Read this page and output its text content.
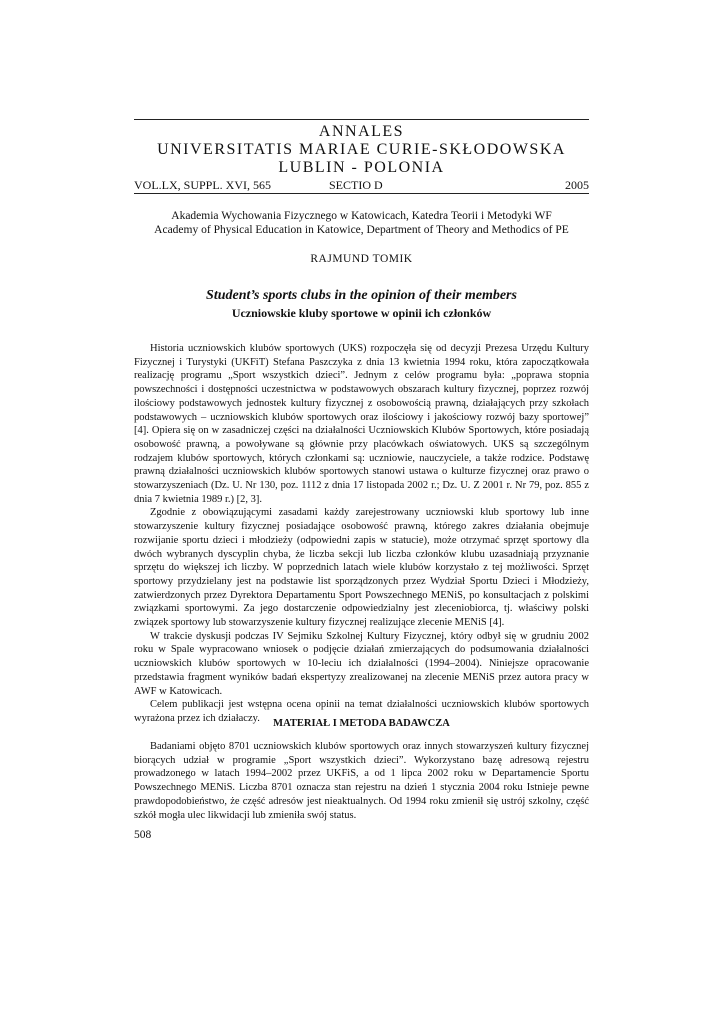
ANNALES
UNIVERSITATIS MARIAE CURIE-SKŁODOWSKA
LUBLIN - POLONIA
VOL.LX, SUPPL. XVI, 565	SECTIO D	2005
Akademia Wychowania Fizycznego w Katowicach, Katedra Teorii i Metodyki WF
Academy of Physical Education in Katowice, Department of Theory and Methodics of PE
RAJMUND TOMIK
Student’s sports clubs in the opinion of their members
Uczniowskie kluby sportowe w opinii ich członków

Historia uczniowskich klubów sportowych (UKS) rozpoczęła się od decyzji Prezesa Urzędu Kultury Fizycznej i Turystyki (UKFiT) Stefana Paszczyka z dnia 13 kwietnia 1994 roku, która zapoczątkowała realizację programu „Sport wszystkich dzieci”. Jednym z celów programu była: „poprawa stopnia powszechności i dostępności uczestnictwa w podstawowych obszarach kultury fizycznej, poprzez rozwój ilościowy podstawowych jednostek kultury fizycznej z osobowością prawną, działających przy szkołach podstawowych – uczniowskich klubów sportowych oraz ilościowy i jakościowy rozwój bazy sportowej” [4]. Opiera się on w zasadniczej części na działalności Uczniowskich Klubów Sportowych, które posiadają osobowość prawną, a powoływane są głównie przy placówkach oświatowych. UKS są szczególnym rodzajem klubów sportowych, których członkami są: uczniowie, nauczyciele, a także rodzice. Podstawę prawną działalności uczniowskich klubów sportowych stanowi ustawa o kulturze fizycznej oraz prawo o stowarzyszeniach (Dz. U. Nr 130, poz. 1112 z dnia 17 listopada 2002 r.; Dz. U. Z 2001 r. Nr 79, poz. 855 z dnia 7 kwietnia 1989 r.) [2, 3].

Zgodnie z obowiązującymi zasadami każdy zarejestrowany uczniowski klub sportowy lub inne stowarzyszenie kultury fizycznej posiadające osobowość prawną, którego zakres działania obejmuje rozwijanie sportu dzieci i młodzieży (odpowiedni zapis w statucie), może otrzymać sprzęt sportowy dla dwóch wybranych dyscyplin chyba, że liczba sekcji lub liczba członków klubu uzasadniają przyznanie sprzętu do większej ich liczby. W poprzednich latach wiele klubów korzystało z tej możliwości. Sprzęt sportowy przydzielany jest na podstawie list sporządzonych przez Wydział Sportu Dzieci i Młodzieży, zatwierdzonych przez Dyrektora Departamentu Sport Powszechnego MENiS, po konsultacjach z polskimi związkami sportowymi. Za jego dostarczenie odpowiedzialny jest zleceniobiorca, tj. właściwy polski związek sportowy lub stowarzyszenie kultury fizycznej realizujące zlecenie MENiS [4].

W trakcie dyskusji podczas IV Sejmiku Szkolnej Kultury Fizycznej, który odbył się w grudniu 2002 roku w Spale wypracowano wniosek o podjęcie działań zmierzających do podsumowania działalności uczniowskich klubów sportowych w 10-leciu ich działalności (1994–2004). Niniejsze opracowanie przedstawia fragment wyników badań ekspertyzy zrealizowanej na zlecenie MENiS przez autora pracy w AWF w Katowicach.

Celem publikacji jest wstępna ocena opinii na temat działalności uczniowskich klubów sportowych wyrażona przez ich działaczy.	MATERIAŁ I METODA BADAWCZA

Badaniami objęto 8701 uczniowskich klubów sportowych oraz innych stowarzyszeń kultury fizycznej biorących udział w programie „Sport wszystkich dzieci”. Wykorzystano bazę adresową rejestru prowadzonego w latach 1994–2002 przez UKFiS, a od 1 lipca 2002 roku w Departamencie Sportu Powszechnego MENiS. Liczba 8701 oznacza stan rejestru na dzień 1 stycznia 2004 roku Istnieje pewne prawdopodobieństwo, że część adresów jest nieaktualnych. Od 1994 roku zmienił się ustrój szkolny, część szkół mogła ulec likwidacji lub zmieniła swój status.

508
